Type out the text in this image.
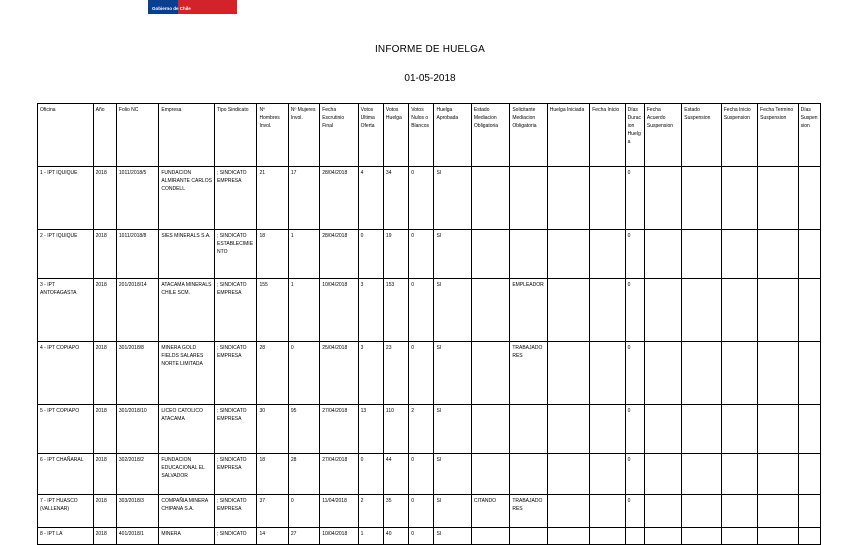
Gobierno de Chile
INFORME DE HUELGA
01-05-2018
Oficina	Año	Folio NC	Empresa	Tipo Sindicato	Nº Hombres Invol.	Nº Mujeres Invol.	Fecha Escrutinio Final	Votos Ultima Oferta	Votos Huelga	Votos Nulos o Blancos	Huelga Aprobada	Estado Mediacion Obligatoria	Solicitante Mediacion Obligatoria	Huelga Iniciada	Fecha Inicio	Días Duracion Huelga	Fecha Acuerdo Suspension	Estado Suspension	Fecha Inicio Suspension	Fecha Termino Suspension	Días Suspension
1 - IPT IQUIQUE	2018	1011/2018/5	FUNDACION ALMIRANTE CARLOS CONDELL	; SINDICATO EMPRESA	21	17	28/04/2018	4	34	0	SI					0					
2 - IPT IQUIQUE	2018	1011/2018/8	SIES MINERALS S.A.	; SINDICATO ESTABLECIMIENTO	18	1	28/04/2018	0	19	0	SI					0					
3 - IPT ANTOFAGASTA	2018	201/2018/14	ATACAMA MINERALS CHILE SCM.	; SINDICATO EMPRESA	155	1	10/04/2018	3	153	0	SI		EMPLEADOR			0					
4 - IPT COPIAPO	2018	301/2018/8	MINERA GOLD FIELDS SALARES NORTE LIMITADA	; SINDICATO EMPRESA	28	0	25/04/2018	3	23	0	SI		TRABAJADORES			0					
5 - IPT COPIAPO	2018	301/2018/10	LICEO CATOLICO ATACAMA	; SINDICATO EMPRESA	30	95	27/04/2018	13	110	2	SI					0					
6 - IPT CHAÑARAL	2018	302/2018/2	FUNDACION EDUCACIONAL EL SALVADOR	; SINDICATO EMPRESA	18	28	27/04/2018	0	44	0	SI					0					
7 - IPT HUASCO (VALLENAR)	2018	303/2018/3	COMPAÑIA MINERA CHIPANA S.A.	; SINDICATO EMPRESA	37	0	11/04/2018	2	35	0	SI	CITANDO	TRABAJADORES			0					
8 - IPT LA	2018	401/2018/1	MINERA	; SINDICATO	14	27	10/04/2018	1	40	0	SI										
